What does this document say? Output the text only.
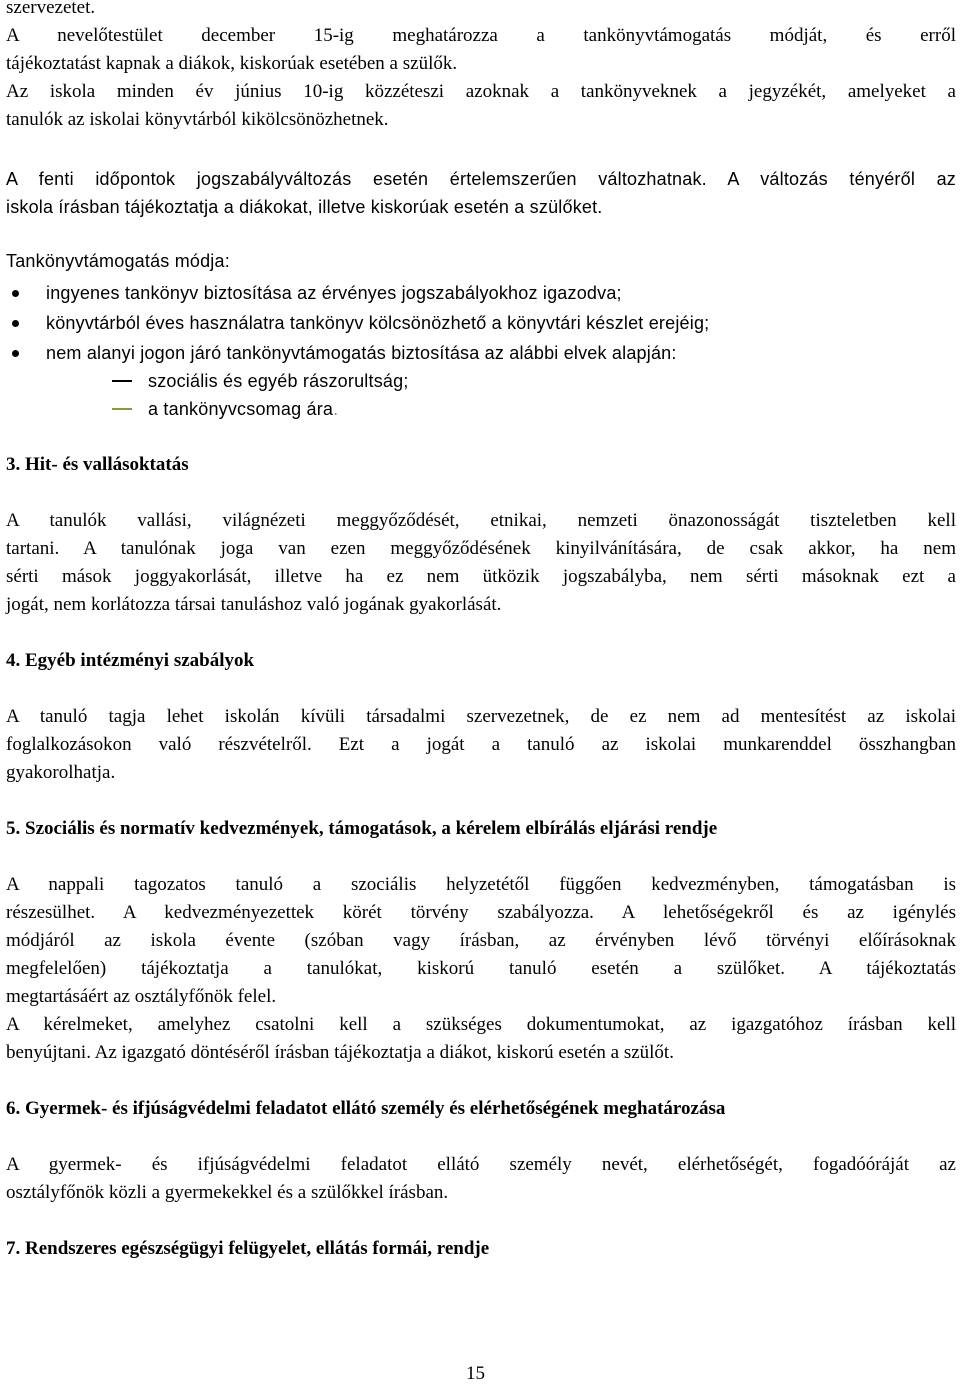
szervezetet.
A nevelőtestület december 15-ig meghatározza a tankönyvtámogatás módját, és erről
tájékoztatást kapnak a diákok, kiskorúak esetében a szülők.
Az iskola minden év június 10-ig közzéteszi azoknak a tankönyveknek a jegyzékét, amelyeket a
tanulók az iskolai könyvtárból kikölcsönözhetnek.
A fenti időpontok jogszabályváltozás esetén értelemszerűen változhatnak. A változás tényéről az
iskola írásban tájékoztatja a diákokat, illetve kiskorúak esetén a szülőket.
Tankönyvtámogatás módja:
ingyenes tankönyv biztosítása az érvényes jogszabályokhoz igazodva;
könyvtárból éves használatra tankönyv kölcsönözhető a könyvtári készlet erejéig;
nem alanyi jogon járó tankönyvtámogatás biztosítása az alábbi elvek alapján:
szociális és egyéb rászorultság;
a tankönyvcsomag ára.
3. Hit- és vallásoktatás
A tanulók vallási, világnézeti meggyőződését, etnikai, nemzeti önazonosságát tiszteletben kell
tartani. A tanulónak joga van ezen meggyőződésének kinyilvánítására, de csak akkor, ha nem
sérti mások joggyakorlását, illetve ha ez nem ütközik jogszabályba, nem sérti másoknak ezt a
jogát, nem korlátozza társai tanuláshoz való jogának gyakorlását.
4. Egyéb intézményi szabályok
A tanuló tagja lehet iskolán kívüli társadalmi szervezetnek, de ez nem ad mentesítést az iskolai
foglalkozásokon való részvételről. Ezt a jogát a tanuló az iskolai munkarenddel összhangban
gyakorolhatja.
5. Szociális és normatív kedvezmények, támogatások, a kérelem elbírálás eljárási rendje
A nappali tagozatos tanuló a szociális helyzetétől függően kedvezményben, támogatásban is
részesülhet. A kedvezményezettek körét törvény szabályozza. A lehetőségekről és az igénylés
módjáról az iskola évente (szóban vagy írásban, az érvényben lévő törvényi előírásoknak
megfelelően) tájékoztatja a tanulókat, kiskorú tanuló esetén a szülőket. A tájékoztatás
megtartásáért az osztályfőnök felel.
A kérelmeket, amelyhez csatolni kell a szükséges dokumentumokat, az igazgatóhoz írásban kell
benyújtani. Az igazgató döntéséről írásban tájékoztatja a diákot, kiskorú esetén a szülőt.
6. Gyermek- és ifjúságvédelmi feladatot ellátó személy és elérhetőségének meghatározása
A gyermek- és ifjúságvédelmi feladatot ellátó személy nevét, elérhetőségét, fogadóóráját az
osztályfőnök közli a gyermekekkel és a szülőkkel írásban.
7. Rendszeres egészségügyi felügyelet, ellátás formái, rendje
15
